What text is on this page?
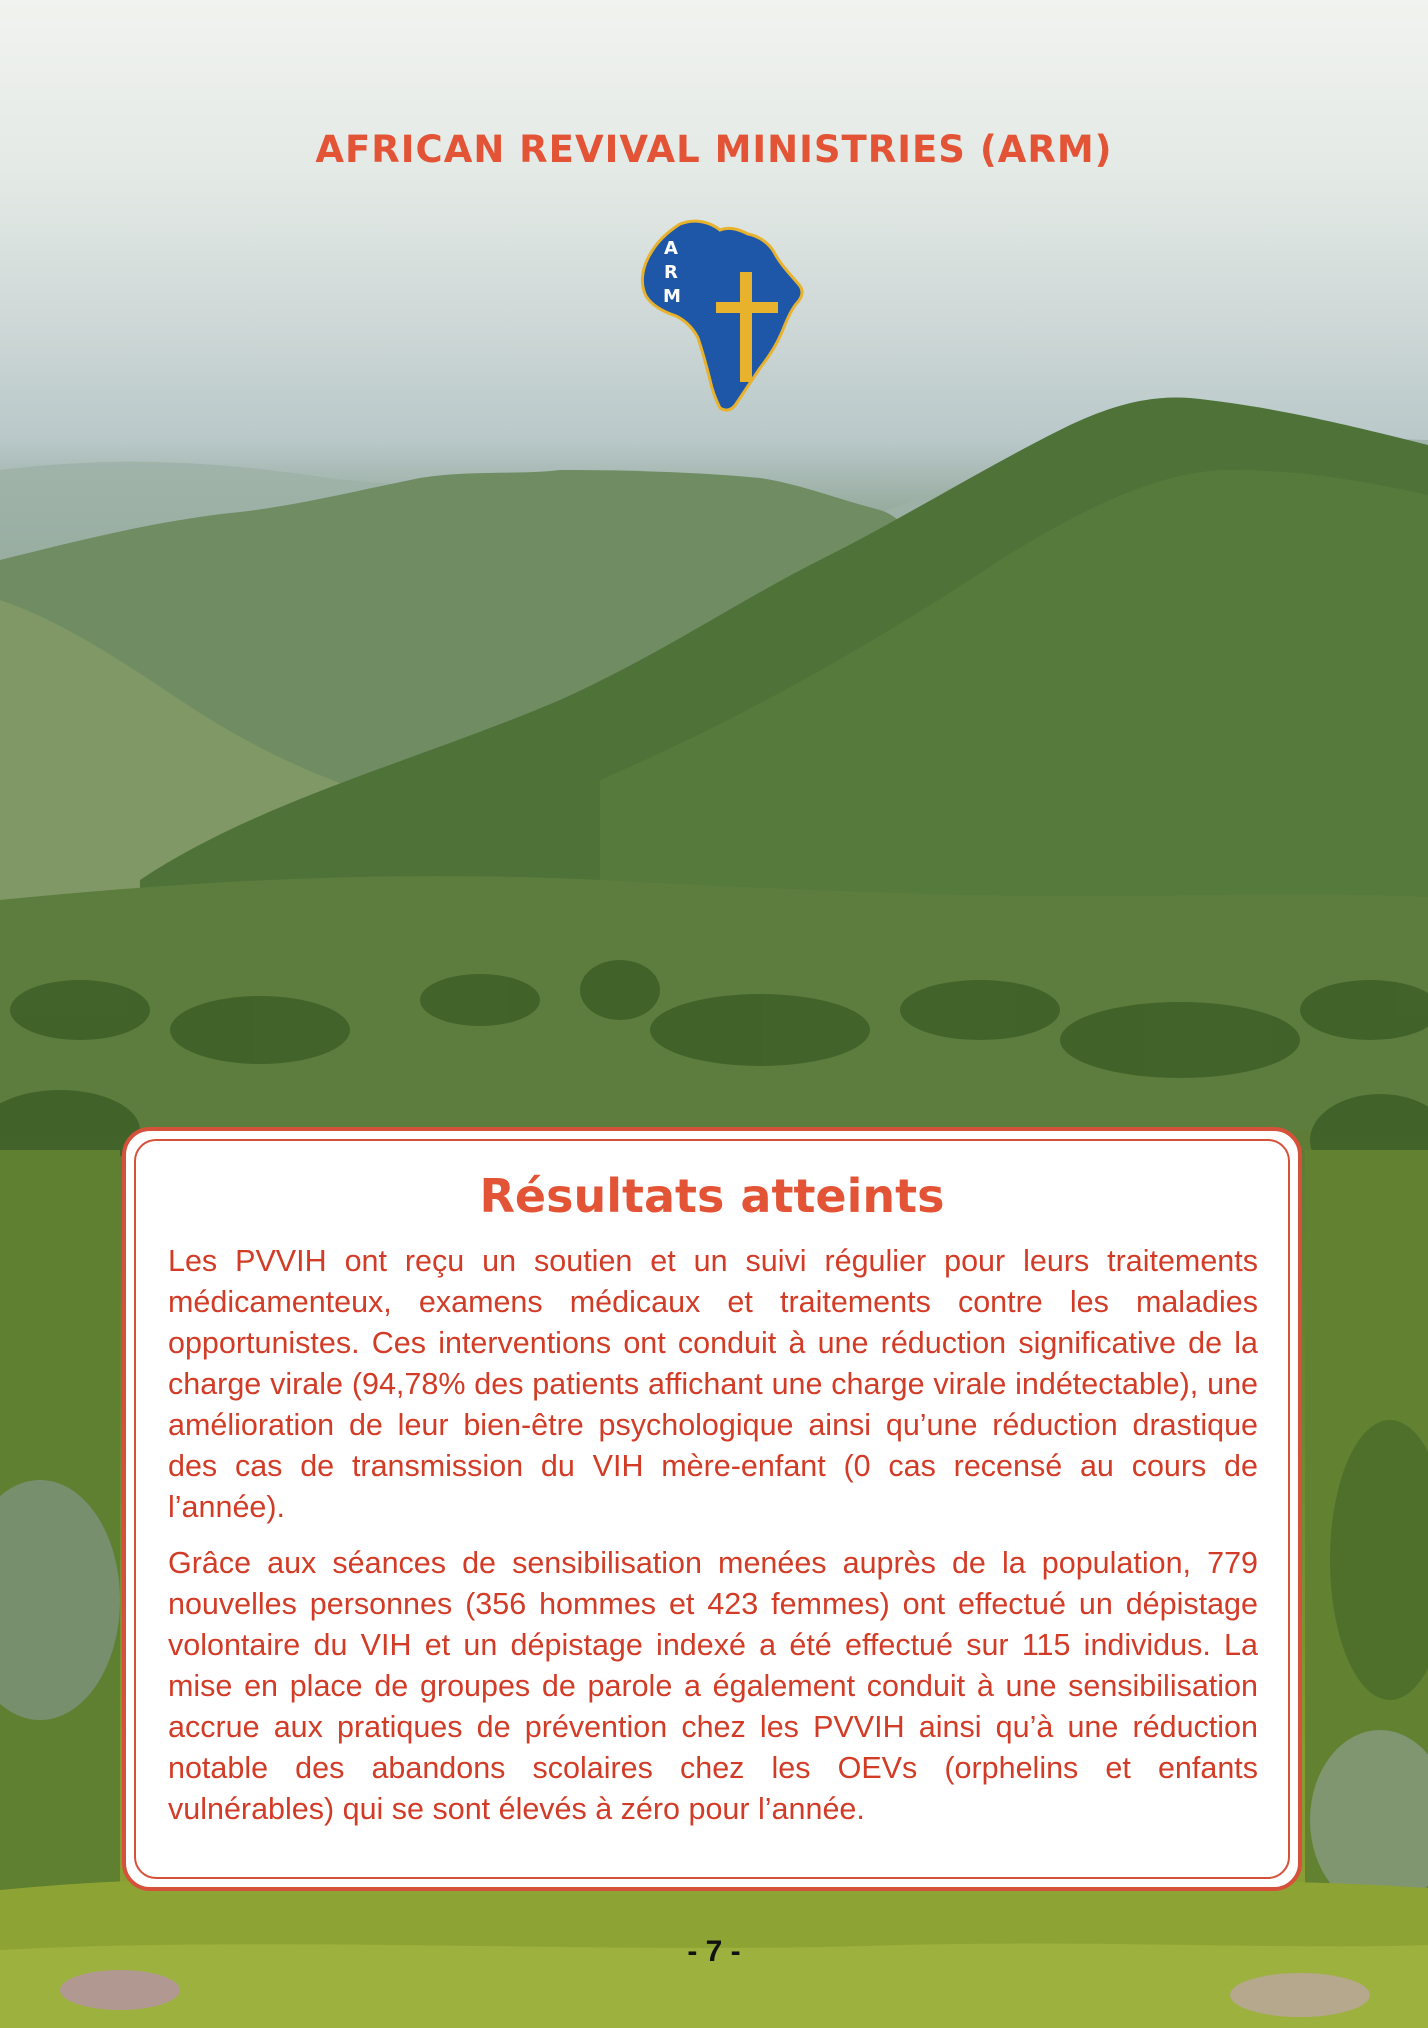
AFRICAN REVIVAL MINISTRIES (ARM)
A
R
M
Résultats atteints

Les PVVIH ont reçu un soutien et un suivi régulier pour leurs traitements médicamenteux, examens médicaux et traitements contre les maladies opportunistes. Ces interventions ont conduit à une réduction significative de la charge virale (94,78% des patients affichant une charge virale indétectable), une amélioration de leur bien-être psychologique ainsi qu’une réduction drastique des cas de transmission du VIH mère-enfant (0 cas recensé au cours de l’année).

Grâce aux séances de sensibilisation menées auprès de la population, 779 nouvelles personnes (356 hommes et 423 femmes) ont effectué un dépistage volontaire du VIH et un dépistage indexé a été effectué sur 115 individus. La mise en place de groupes de parole a également conduit à une sensibilisation accrue aux pratiques de prévention chez les PVVIH ainsi qu’à une réduction notable des abandons scolaires chez les OEVs (orphelins et enfants vulnérables) qui se sont élevés à zéro pour l’année.

- 7 -
